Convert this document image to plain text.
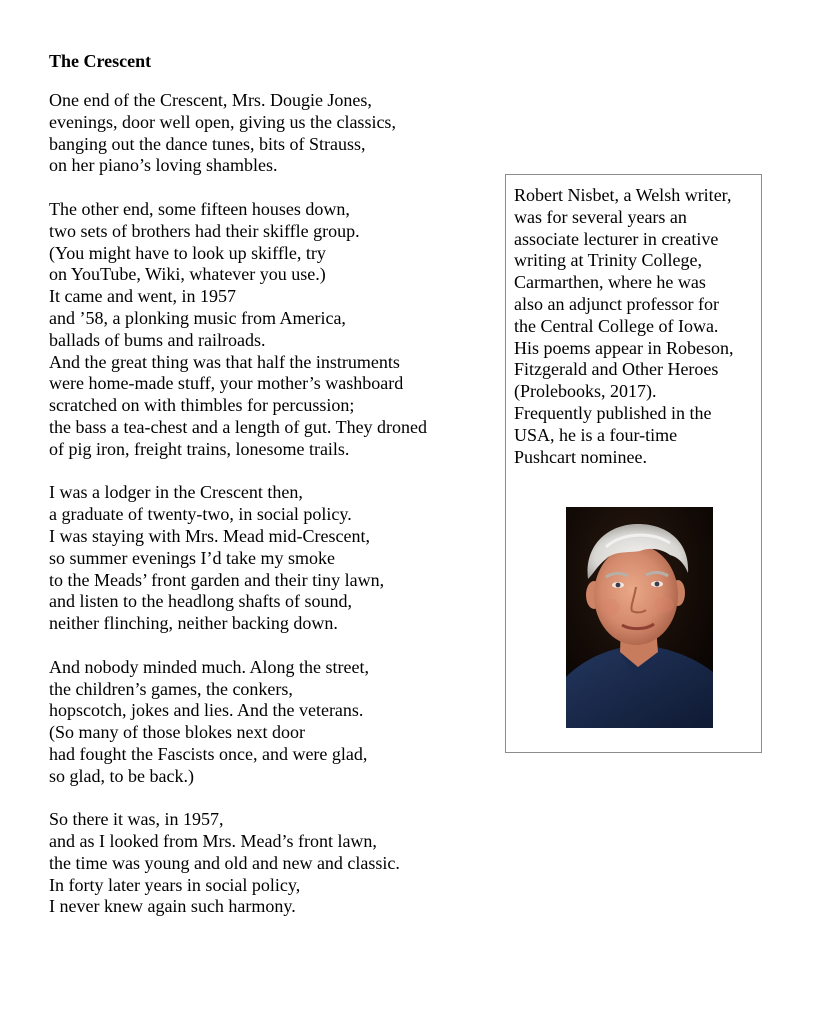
The Crescent
One end of the Crescent, Mrs. Dougie Jones,
evenings, door well open, giving us the classics,
banging out the dance tunes, bits of Strauss,
on her piano’s loving shambles.
The other end, some fifteen houses down,
two sets of brothers had their skiffle group.
(You might have to look up skiffle, try
on YouTube, Wiki, whatever you use.)
It came and went, in 1957
and ’58, a plonking music from America,
ballads of bums and railroads.
And the great thing was that half the instruments
were home-made stuff, your mother’s washboard
scratched on with thimbles for percussion;
the bass a tea-chest and a length of gut. They droned
of pig iron, freight trains, lonesome trails.
I was a lodger in the Crescent then,
a graduate of twenty-two, in social policy.
I was staying with Mrs. Mead mid-Crescent,
so summer evenings I’d take my smoke
to the Meads’ front garden and their tiny lawn,
and listen to the headlong shafts of sound,
neither flinching, neither backing down.
And nobody minded much. Along the street,
the children’s games, the conkers,
hopscotch, jokes and lies. And the veterans.
(So many of those blokes next door
had fought the Fascists once, and were glad,
so glad, to be back.)
So there it was, in 1957,
and as I looked from Mrs. Mead’s front lawn,
the time was young and old and new and classic.
In forty later years in social policy,
I never knew again such harmony.

Robert Nisbet, a Welsh writer,
was for several years an
associate lecturer in creative
writing at Trinity College,
Carmarthen, where he was
also an adjunct professor for
the Central College of Iowa.
His poems appear in Robeson,
Fitzgerald and Other Heroes
(Prolebooks, 2017).
Frequently published in the
USA, he is a four-time
Pushcart nominee.
